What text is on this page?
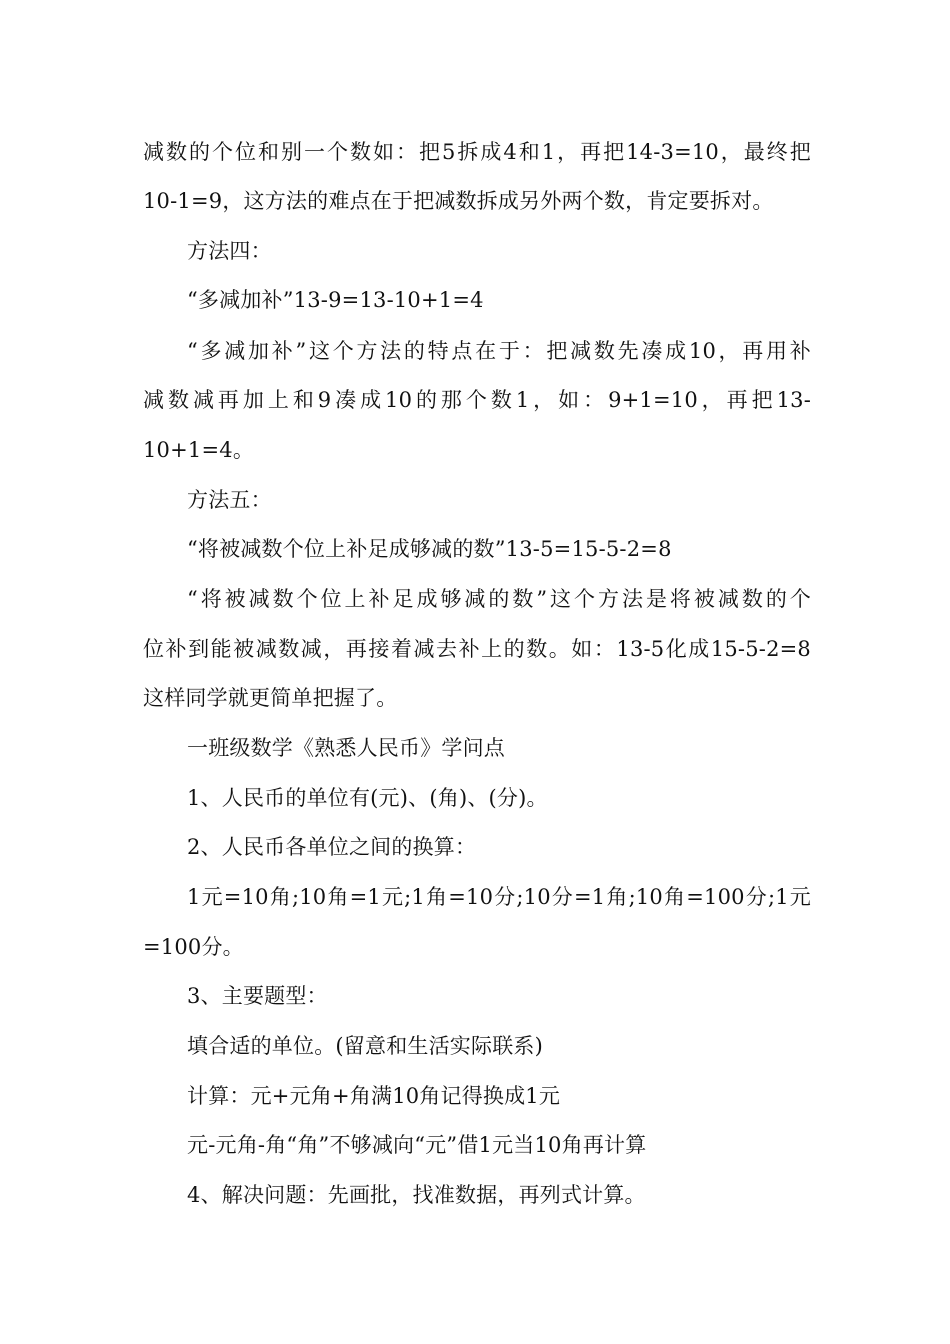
减数的个位和别一个数如：把5拆成4和1，再把14-3=10，最终把
10-1=9，这方法的难点在于把减数拆成另外两个数，肯定要拆对。
方法四：
“多减加补”13-9=13-10+1=4
“多减加补”这个方法的特点在于：把减数先凑成10，再用补
减数减再加上和9凑成10的那个数1，如：9+1=10，再把13-
10+1=4。
方法五：
“将被减数个位上补足成够减的数”13-5=15-5-2=8
“将被减数个位上补足成够减的数”这个方法是将被减数的个
位补到能被减数减，再接着减去补上的数。如：13-5化成15-5-2=8
这样同学就更简单把握了。
一班级数学《熟悉人民币》学问点
1、人民币的单位有(元)、(角)、(分)。
2、人民币各单位之间的换算：
1元=10角;10角=1元;1角=10分;10分=1角;10角=100分;1元
=100分。
3、主要题型：
填合适的单位。(留意和生活实际联系)
计算：元+元角+角满10角记得换成1元
元-元角-角“角”不够减向“元”借1元当10角再计算
4、解决问题：先画批，找准数据，再列式计算。
